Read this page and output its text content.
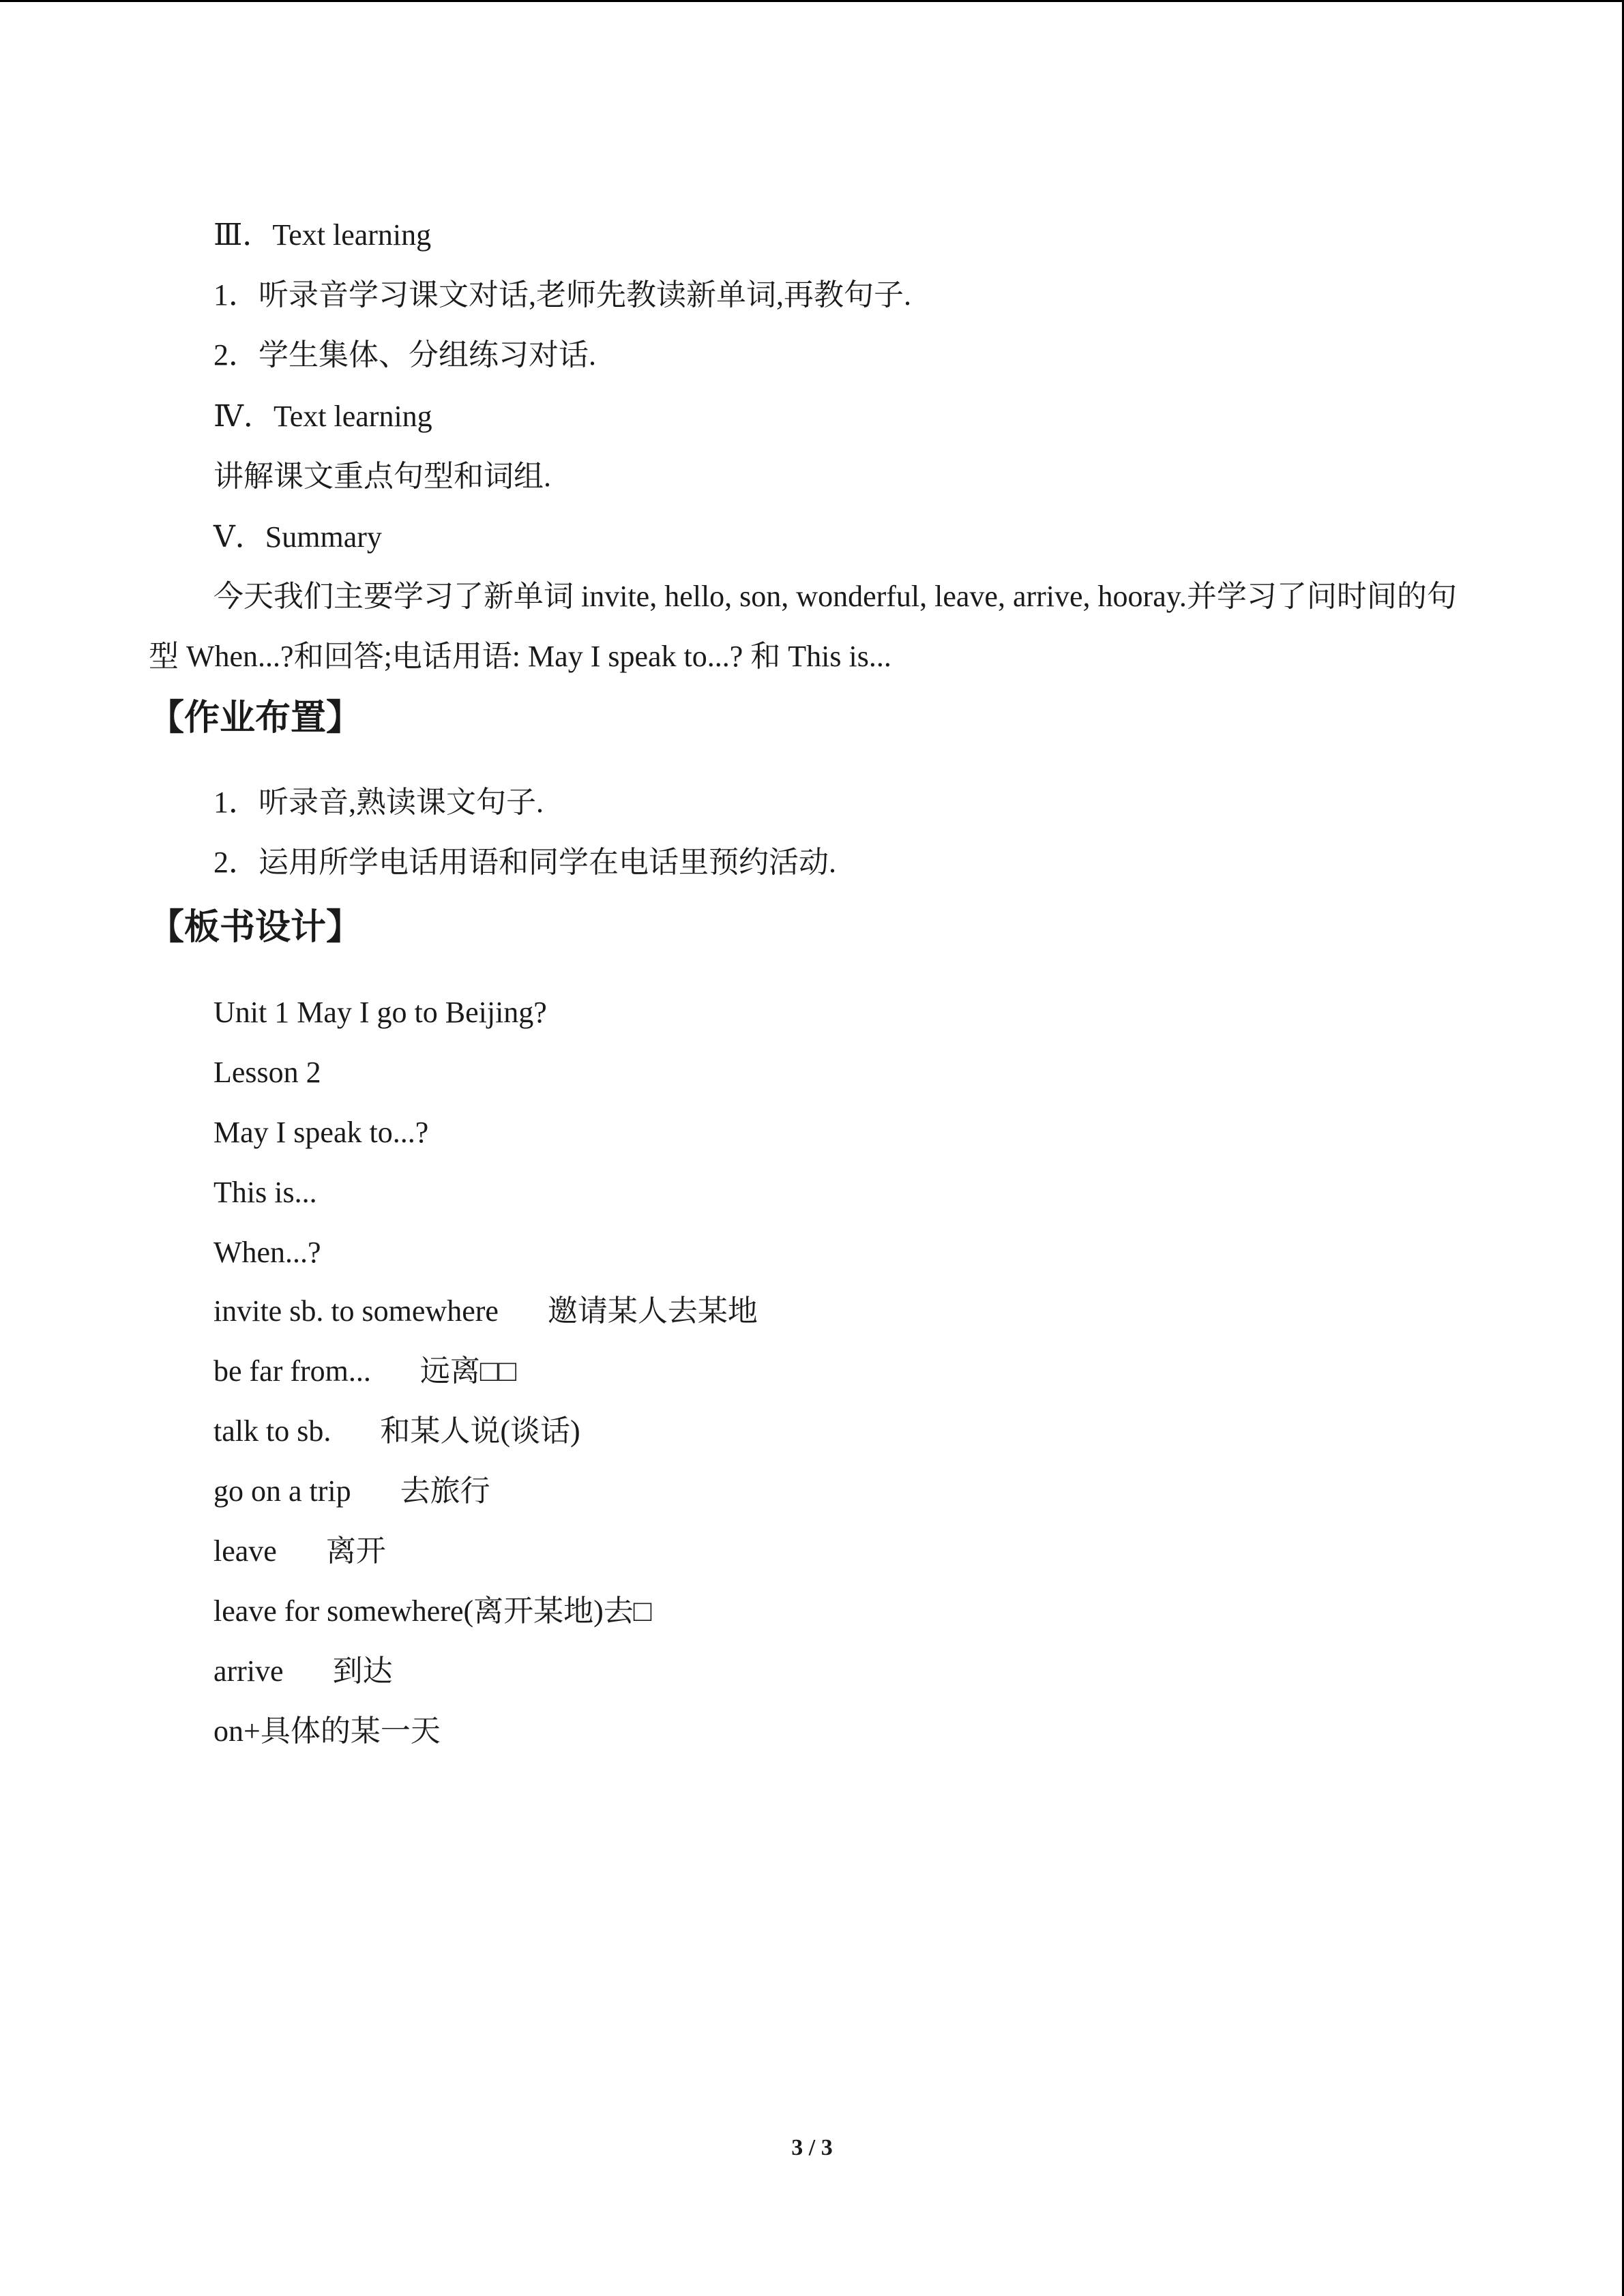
Ⅲ．Text learning
1．听录音学习课文对话,老师先教读新单词,再教句子.
2．学生集体、分组练习对话.
Ⅳ．Text learning
讲解课文重点句型和词组.
Ⅴ．Summary
今天我们主要学习了新单词 invite, hello, son, wonderful, leave, arrive, hooray.并学习了问时间的句型 When...?和回答;电话用语: May I speak to...? 和 This is...
【作业布置】
1．听录音,熟读课文句子.
2．运用所学电话用语和同学在电话里预约活动.
【板书设计】
Unit 1 May I go to Beijing?
Lesson 2
May I speak to...?
This is...
When...?
invite sb. to somewhere 邀请某人去某地
be far from... 远离□□
talk to sb. 和某人说(谈话)
go on a trip 去旅行
leave 离开
leave for somewhere(离开某地)去□
arrive 到达
on+具体的某一天
3 / 3
